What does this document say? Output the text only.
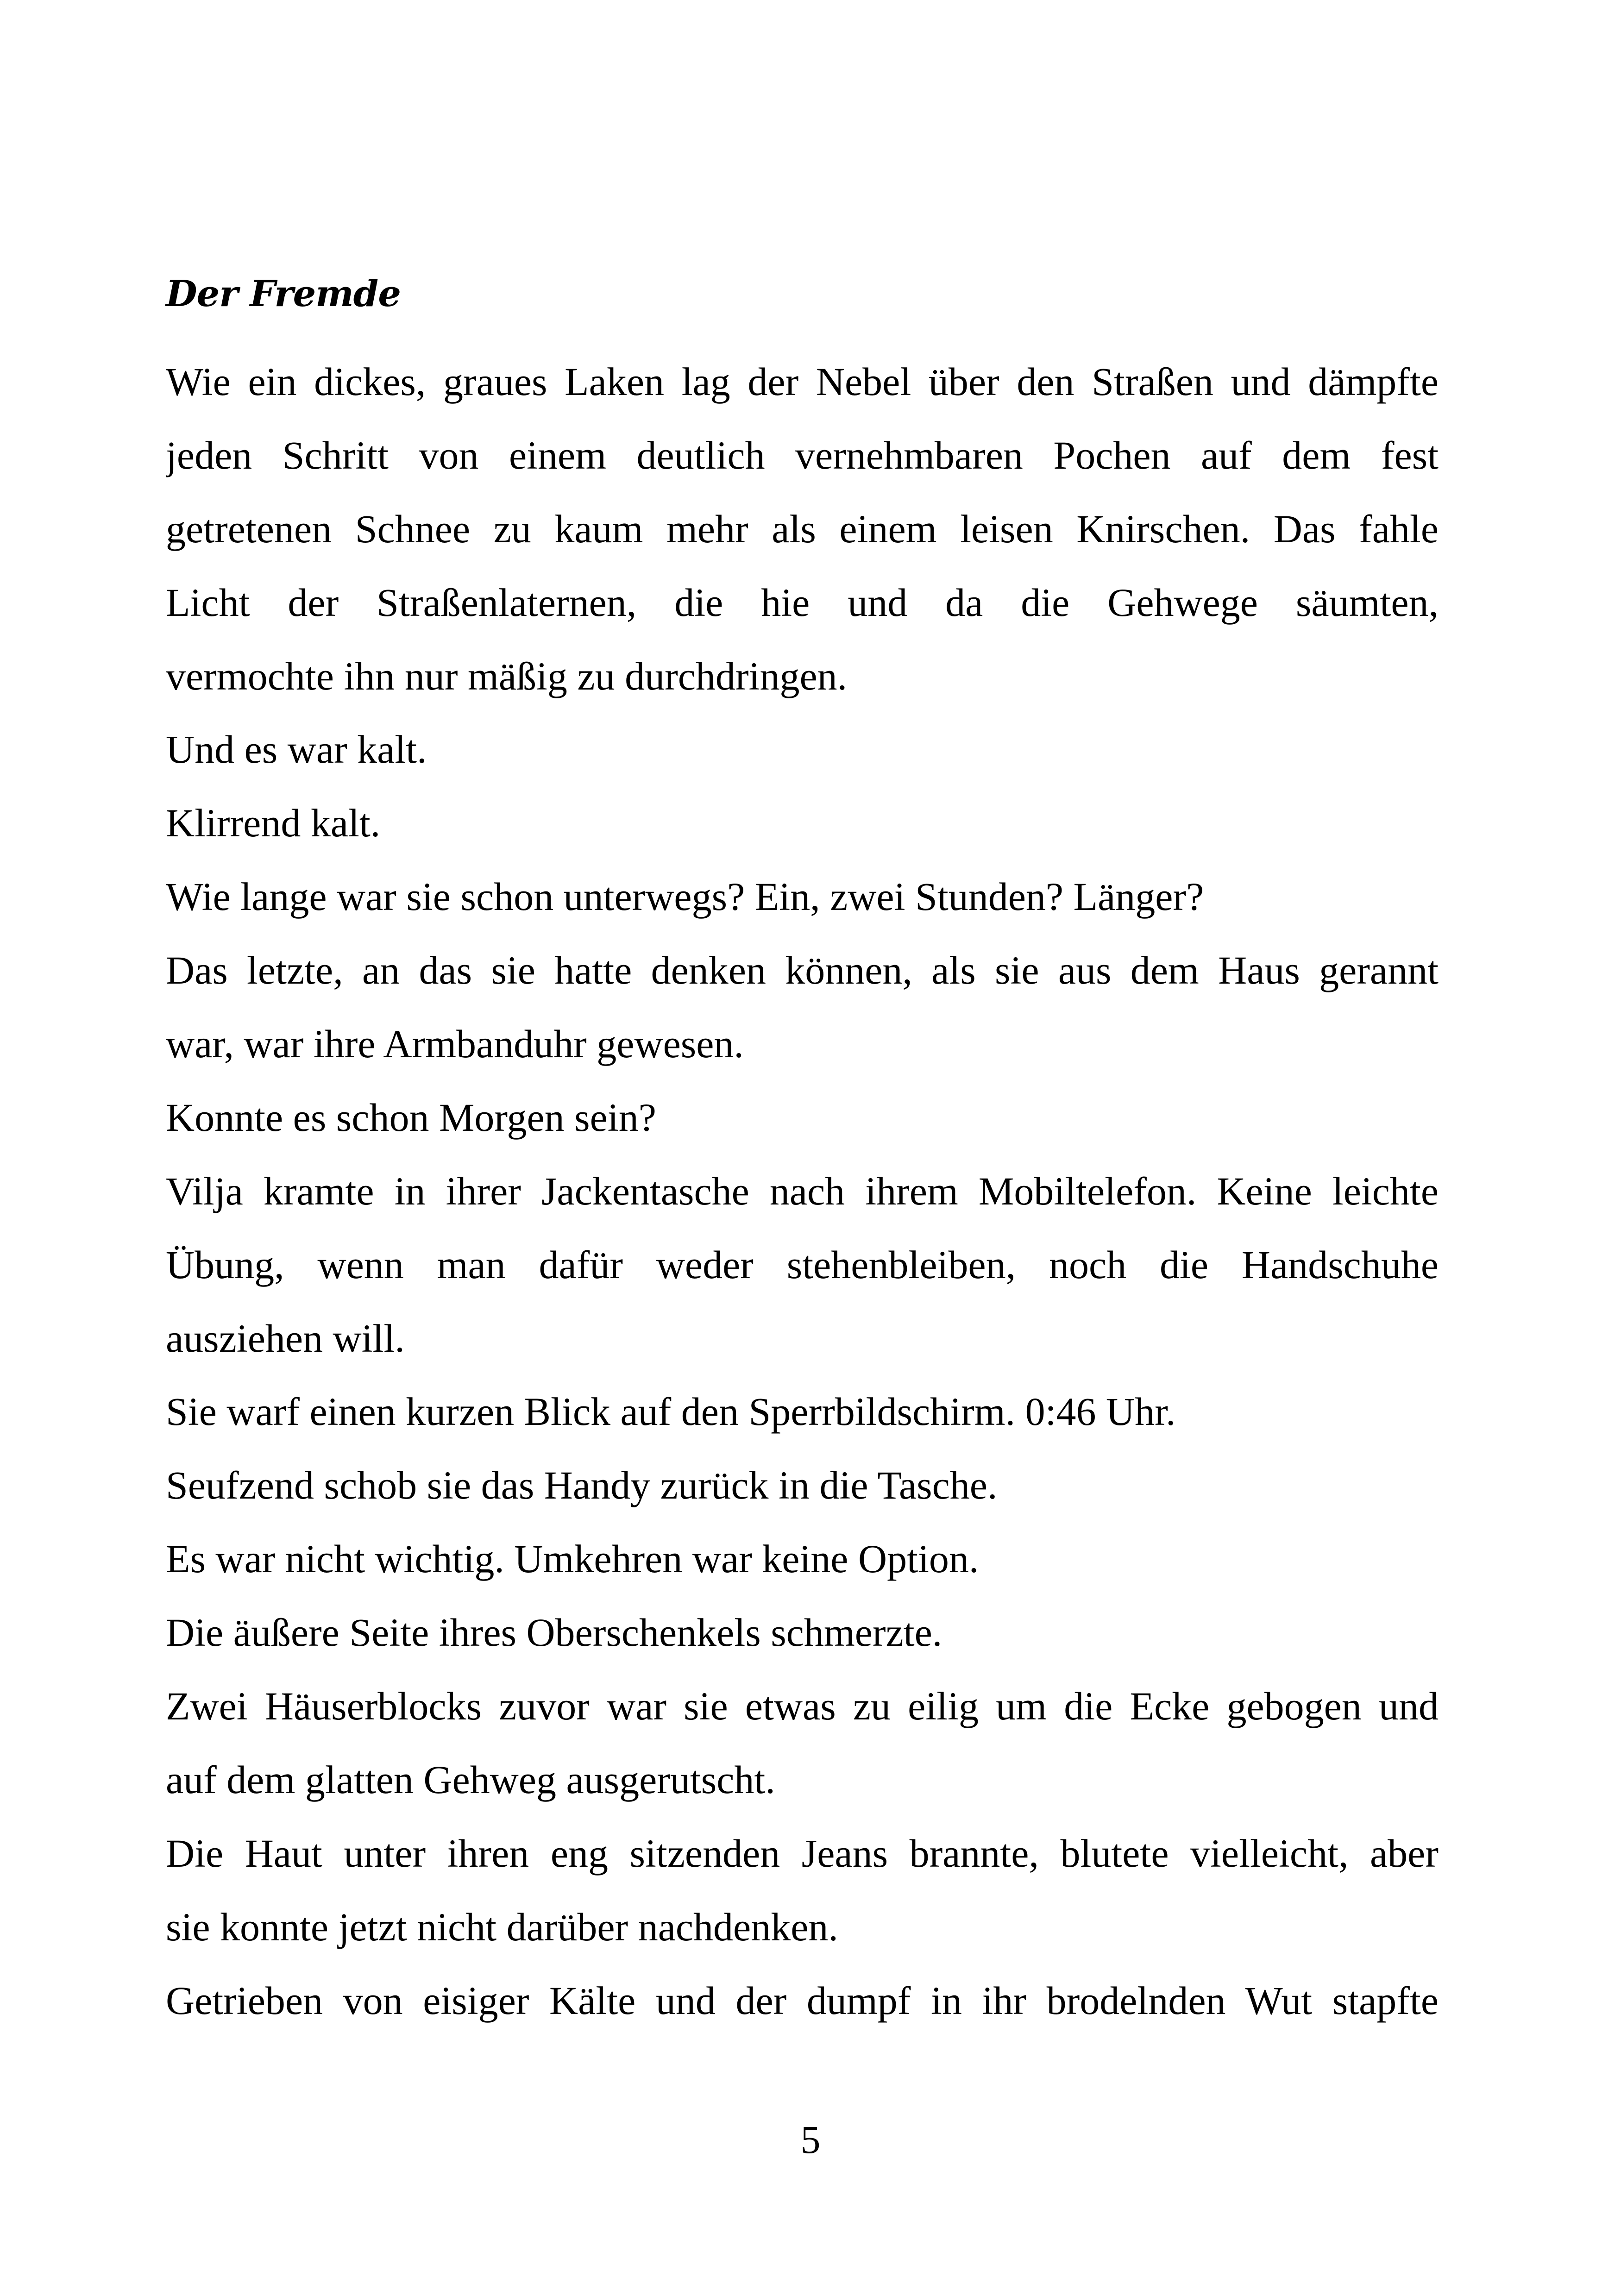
Der Fremde
Wie ein dickes, graues Laken lag der Nebel über den Straßen und dämpfte
jeden Schritt von einem deutlich vernehmbaren Pochen auf dem fest
getretenen Schnee zu kaum mehr als einem leisen Knirschen. Das fahle
Licht der Straßenlaternen, die hie und da die Gehwege säumten,
vermochte ihn nur mäßig zu durchdringen.
Und es war kalt.
Klirrend kalt.
Wie lange war sie schon unterwegs? Ein, zwei Stunden? Länger?
Das letzte, an das sie hatte denken können, als sie aus dem Haus gerannt
war, war ihre Armbanduhr gewesen.
Konnte es schon Morgen sein?
Vilja kramte in ihrer Jackentasche nach ihrem Mobiltelefon. Keine leichte
Übung, wenn man dafür weder stehenbleiben, noch die Handschuhe
ausziehen will.
Sie warf einen kurzen Blick auf den Sperrbildschirm. 0:46 Uhr.
Seufzend schob sie das Handy zurück in die Tasche.
Es war nicht wichtig. Umkehren war keine Option.
Die äußere Seite ihres Oberschenkels schmerzte.
Zwei Häuserblocks zuvor war sie etwas zu eilig um die Ecke gebogen und
auf dem glatten Gehweg ausgerutscht.
Die Haut unter ihren eng sitzenden Jeans brannte, blutete vielleicht, aber
sie konnte jetzt nicht darüber nachdenken.
Getrieben von eisiger Kälte und der dumpf in ihr brodelnden Wut stapfte
5
